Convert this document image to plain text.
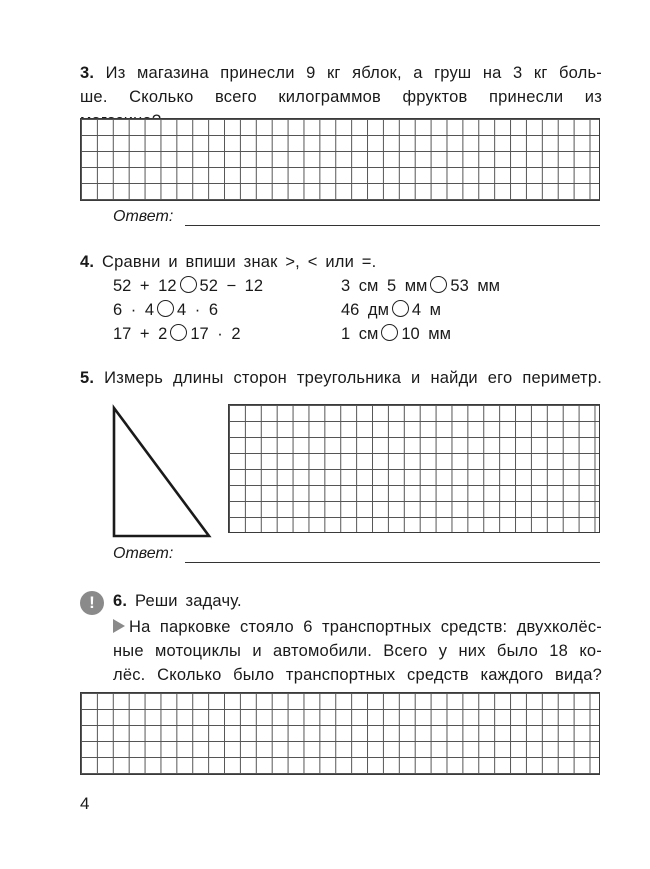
3. Из магазина принесли 9 кг яблок, а груш на 3 кг боль-
ше. Сколько всего килограммов фруктов принесли из
Ответ:
4. Сравни и впиши знак >, < или =.
52 + 12 52 − 12	3 см 5 мм 53 мм
6 · 4 4 · 6	46 дм 4 м
17 + 2 17 · 2	1 см 10 мм
5. Измерь длины сторон треугольника и найди его периметр.
Ответ:
!	6. Реши задачу.
На парковке стояло 6 транспортных средств: двухколёс-
ные мотоциклы и автомобили. Всего у них было 18 ко-
лёс. Сколько было транспортных средств каждого вида?
4
